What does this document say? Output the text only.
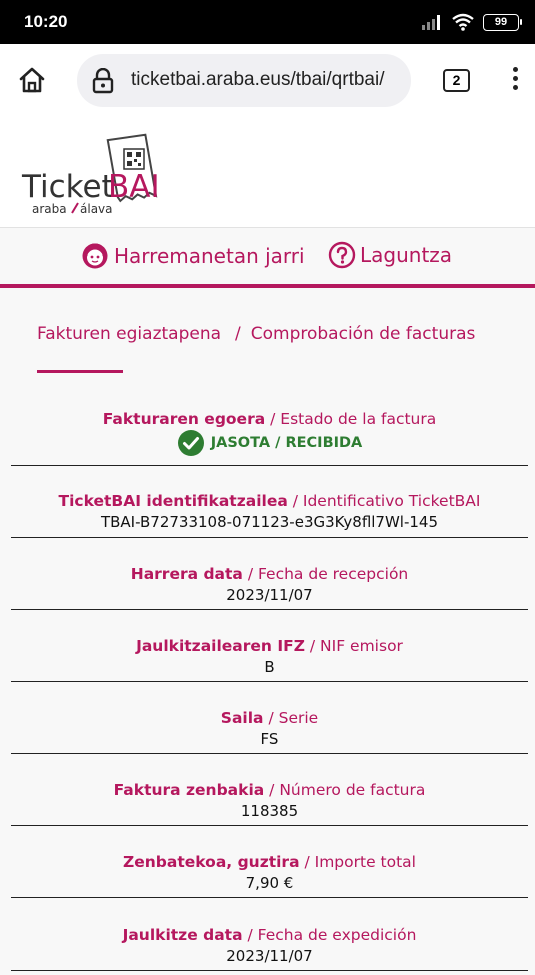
10:20	99
ticketbai.araba.eus/tbai/qrtbai/	2
Ticket
BAI
araba álava
Harremanetan jarri	Laguntza
Fakturen egiaztapena / Comprobación de facturas
Fakturaren egoera / Estado de la factura
JASOTA / RECIBIDA
TicketBAI identifikatzailea / Identificativo TicketBAI
TBAI-B72733108-071123-e3G3Ky8fll7Wl-145
Harrera data / Fecha de recepción
2023/11/07
Jaulkitzailearen IFZ / NIF emisor
B
Saila / Serie
FS
Faktura zenbakia / Número de factura
118385
Zenbatekoa, guztira / Importe total
7,90 €
Jaulkitze data / Fecha de expedición
2023/11/07
